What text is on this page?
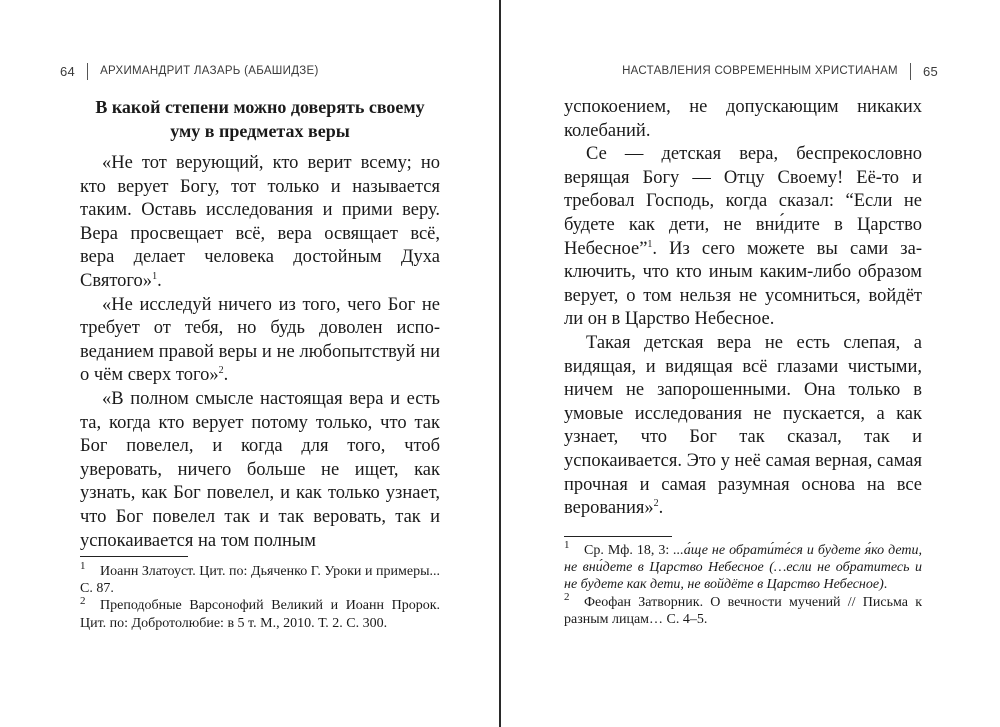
64 АРХИМАНДРИТ ЛАЗАРЬ (АБАШИДЗЕ)
В какой степени можно доверять своему
уму в предметах веры

«Не тот верующий, кто верит всему; но кто верует Богу, тот только и называется таким. Оставь исследования и прими веру. Вера просвещает всё, вера освящает всё, вера делает человека достойным Духа Святого»$^1$.

«Не исследуй ничего из того, чего Бог не требует от тебя, но будь доволен исповеданием правой веры и не любопытствуй ни о чём сверх того»$^2$.

«В полном смысле настоящая вера и есть та, когда кто верует потому только, что так Бог повелел, и когда для того, чтоб уверовать, ничего больше не ищет, как узнать, как Бог повелел, и как только узнает, что Бог повелел так и так веровать, так и успокаивается на том полным

1 Иоанн Златоуст. Цит. по: Дьяченко Г. Уроки и примеры... С. 87.

2 Преподобные Варсонофий Великий и Иоанн Пророк. Цит. по: Добротолюбие: в 5 т. М., 2010. Т. 2. С. 300.

НАСТАВЛЕНИЯ СОВРЕМЕННЫМ ХРИСТИАНАМ 65

успокоением, не допускающим никаких колебаний.

Се — детская вера, беспрекословно верящая Богу — Отцу Своему! Её-то и требовал Господь, когда сказал: “Если не будете как дети, не вни́дите в Царство Небесное”$^1$. Из сего можете вы сами заключить, что кто иным каким-либо образом верует, о том нельзя не усомниться, войдёт ли он в Царство Небесное.

Такая детская вера не есть слепая, а видящая, и видящая всё глазами чистыми, ничем не запорошенными. Она только в умовые исследования не пускается, а как узнает, что Бог так сказал, так и успокаивается. Это у неё самая верная, самая прочная и самая разумная основа на все верования»$^2$.

1 Ср. Мф. 18, 3: ...а́ще не обрати́те́ся и будете я́ко дети, не вни́дете в Царство Небесное (…если не обратитесь и не будете как дети, не войдёте в Царство Небесное).

2 Феофан Затворник. О вечности мучений // Письма к разным лицам… С. 4–5.
